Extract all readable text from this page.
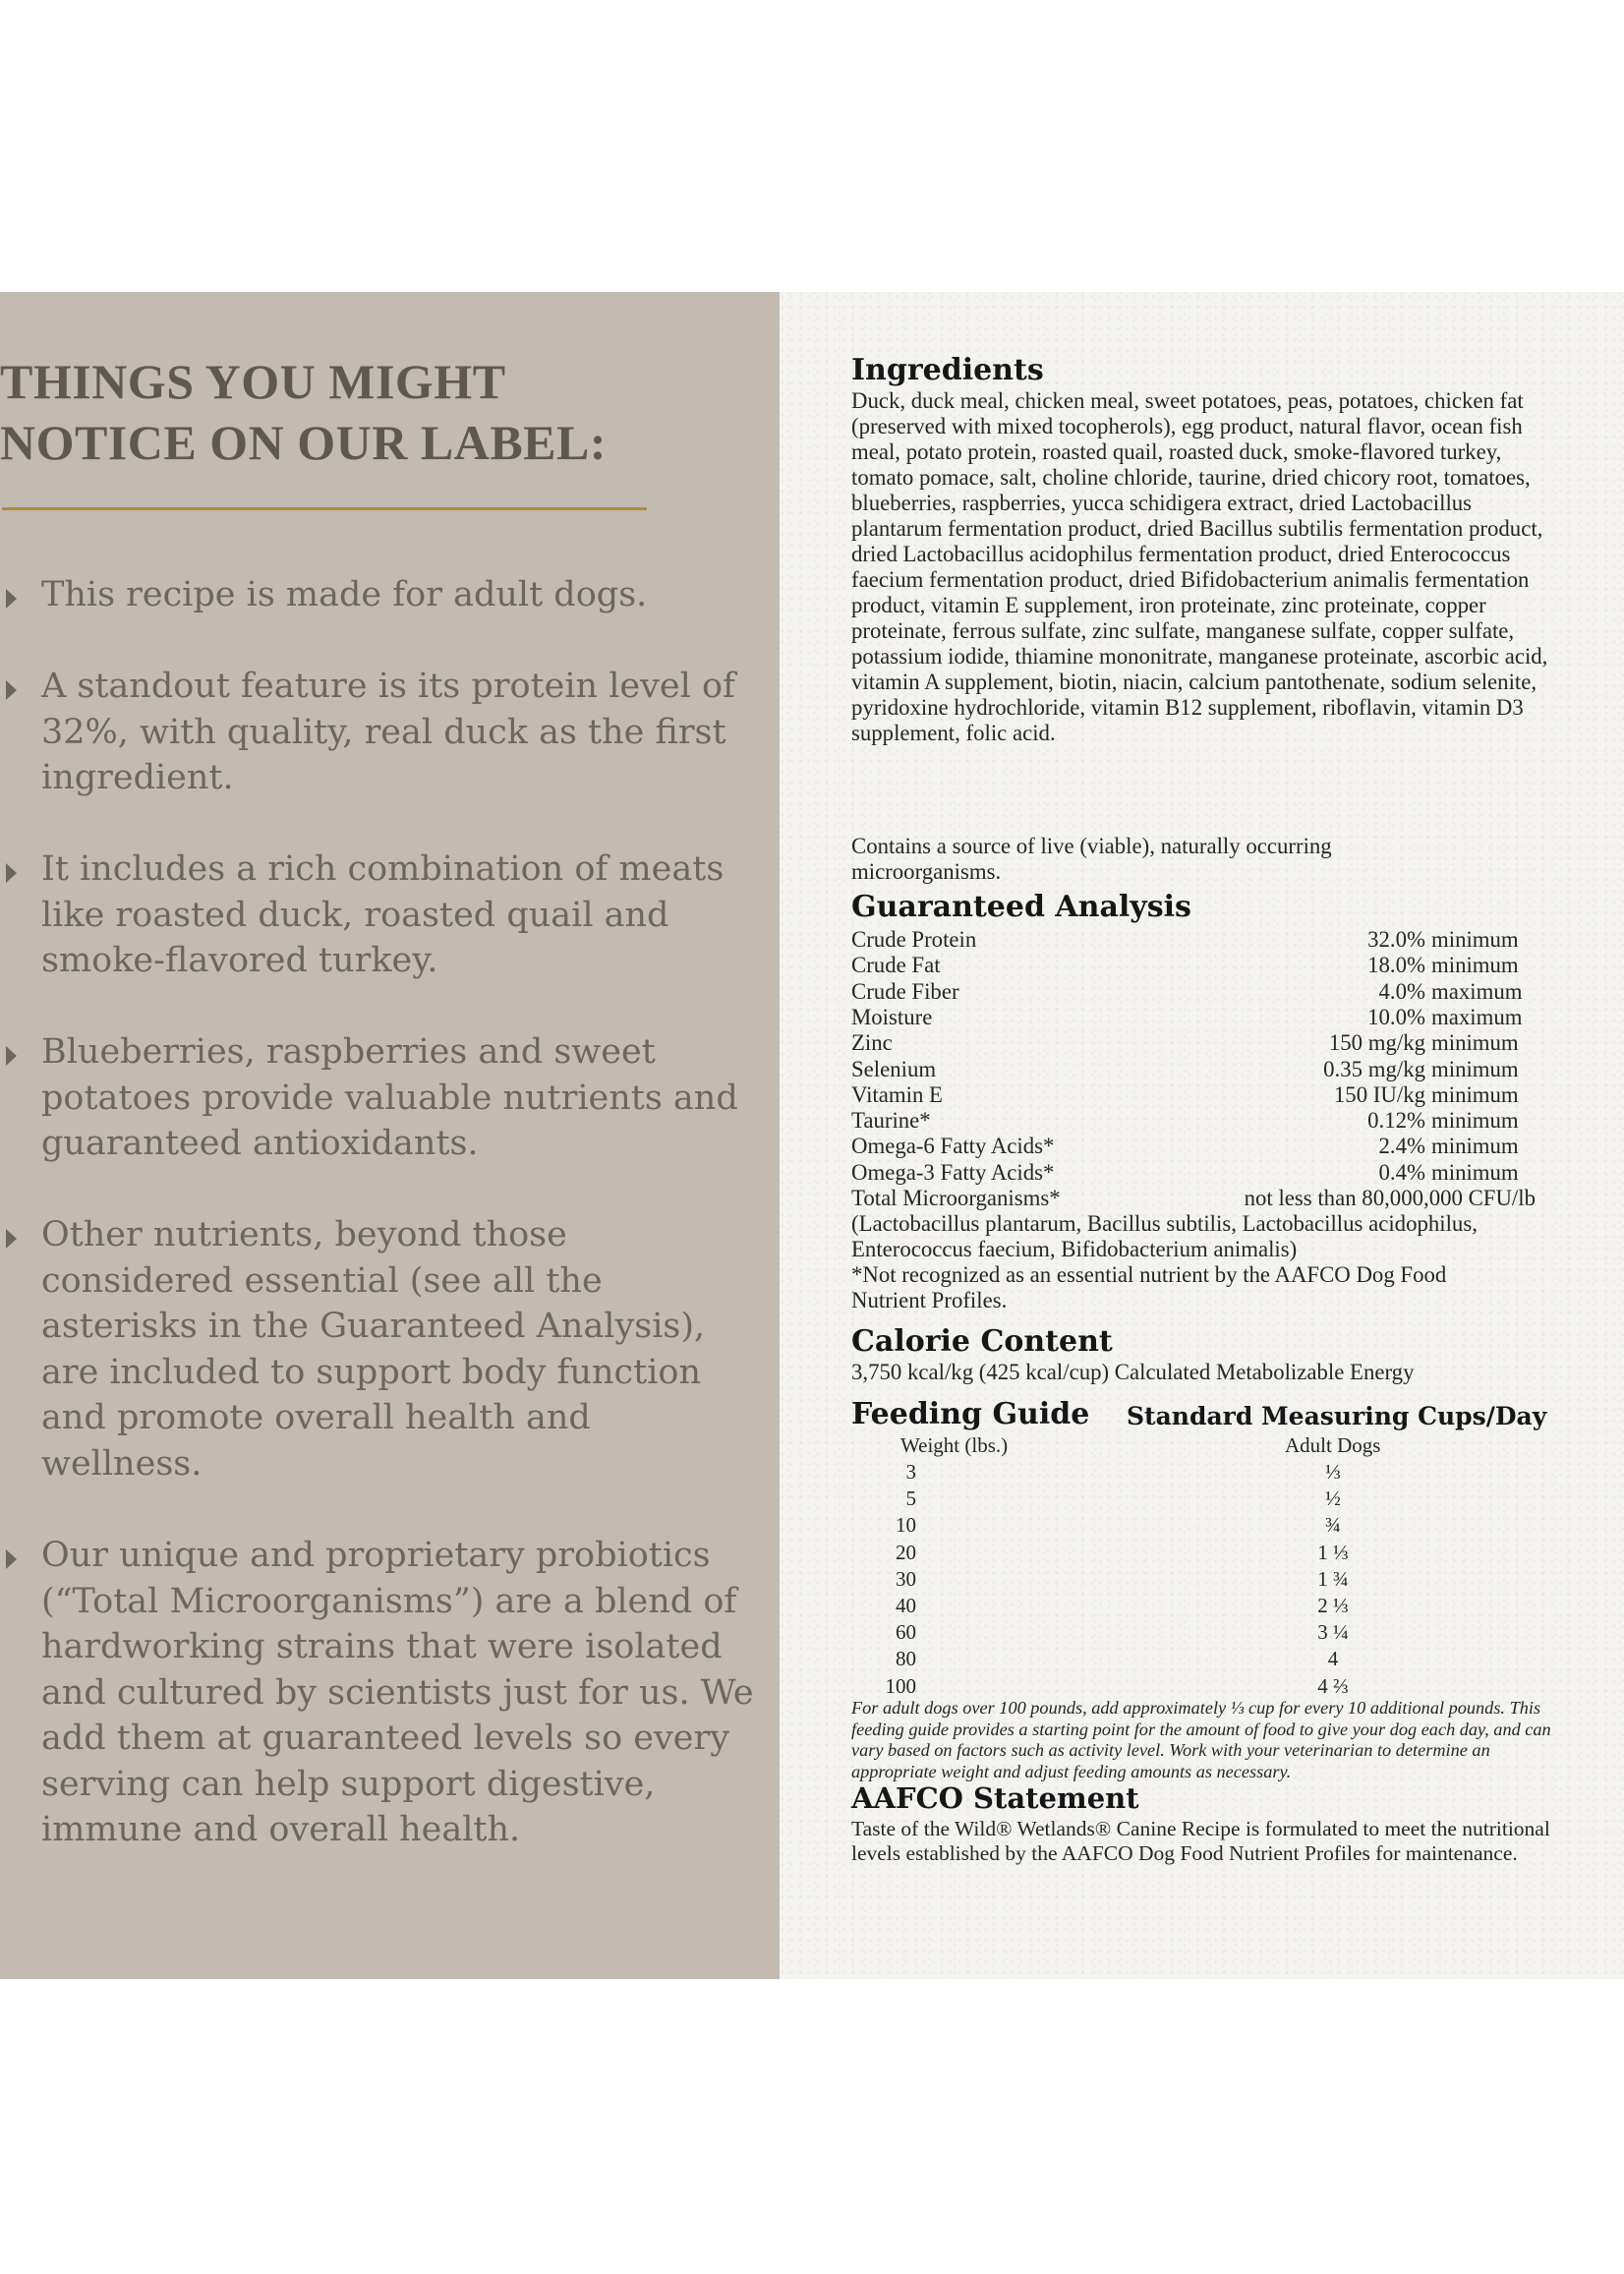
THINGS YOU MIGHT
NOTICE ON OUR LABEL:
This recipe is made for adult dogs.
A standout feature is its protein level of 32%, with quality, real duck as the first ingredient.
It includes a rich combination of meats like roasted duck, roasted quail and smoke-flavored turkey.
Blueberries, raspberries and sweet potatoes provide valuable nutrients and guaranteed antioxidants.
Other nutrients, beyond those considered essential (see all the asterisks in the Guaranteed Analysis), are included to support body function and promote overall health and wellness.
Our unique and proprietary probiotics (“Total Microorganisms”) are a blend of hardworking strains that were isolated and cultured by scientists just for us. We add them at guaranteed levels so every serving can help support digestive, immune and overall health.
Ingredients

Duck, duck meal, chicken meal, sweet potatoes, peas, potatoes, chicken fat (preserved with mixed tocopherols), egg product, natural flavor, ocean fish meal, potato protein, roasted quail, roasted duck, smoke-flavored turkey, tomato pomace, salt, choline chloride, taurine, dried chicory root, tomatoes, blueberries, raspberries, yucca schidigera extract, dried Lactobacillus plantarum fermentation product, dried Bacillus subtilis fermentation product, dried Lactobacillus acidophilus fermentation product, dried Enterococcus faecium fermentation product, dried Bifidobacterium animalis fermentation product, vitamin E supplement, iron proteinate, zinc proteinate, copper proteinate, ferrous sulfate, zinc sulfate, manganese sulfate, copper sulfate, potassium iodide, thiamine mononitrate, manganese proteinate, ascorbic acid, vitamin A supplement, biotin, niacin, calcium pantothenate, sodium selenite, pyridoxine hydrochloride, vitamin B12 supplement, riboflavin, vitamin D3 supplement, folic acid.

Contains a source of live (viable), naturally occurring microorganisms.

Guaranteed Analysis
Crude Protein	32.0% minimum
Crude Fat	18.0% minimum
Crude Fiber	4.0% maximum
Moisture	10.0% maximum
Zinc	150 mg/kg minimum
Selenium	0.35 mg/kg minimum
Vitamin E	150 IU/kg minimum
Taurine*	0.12% minimum
Omega-6 Fatty Acids*	2.4% minimum
Omega-3 Fatty Acids*	0.4% minimum
Total Microorganisms*	not less than 80,000,000 CFU/lb

(Lactobacillus plantarum, Bacillus subtilis, Lactobacillus acidophilus, Enterococcus faecium, Bifidobacterium animalis)

*Not recognized as an essential nutrient by the AAFCO Dog Food Nutrient Profiles.

Calorie Content

3,750 kcal/kg (425 kcal/cup) Calculated Metabolizable Energy

Feeding Guide Standard Measuring Cups/Day
Weight (lbs.)	Adult Dogs
3	⅓
5	½
10	¾
20	1 ⅓
30	1 ¾
40	2 ⅓
60	3 ¼
80	4
100	4 ⅔

For adult dogs over 100 pounds, add approximately ⅓ cup for every 10 additional pounds. This feeding guide provides a starting point for the amount of food to give your dog each day, and can vary based on factors such as activity level. Work with your veterinarian to determine an appropriate weight and adjust feeding amounts as necessary.

AAFCO Statement

Taste of the Wild® Wetlands® Canine Recipe is formulated to meet the nutritional levels established by the AAFCO Dog Food Nutrient Profiles for maintenance.
